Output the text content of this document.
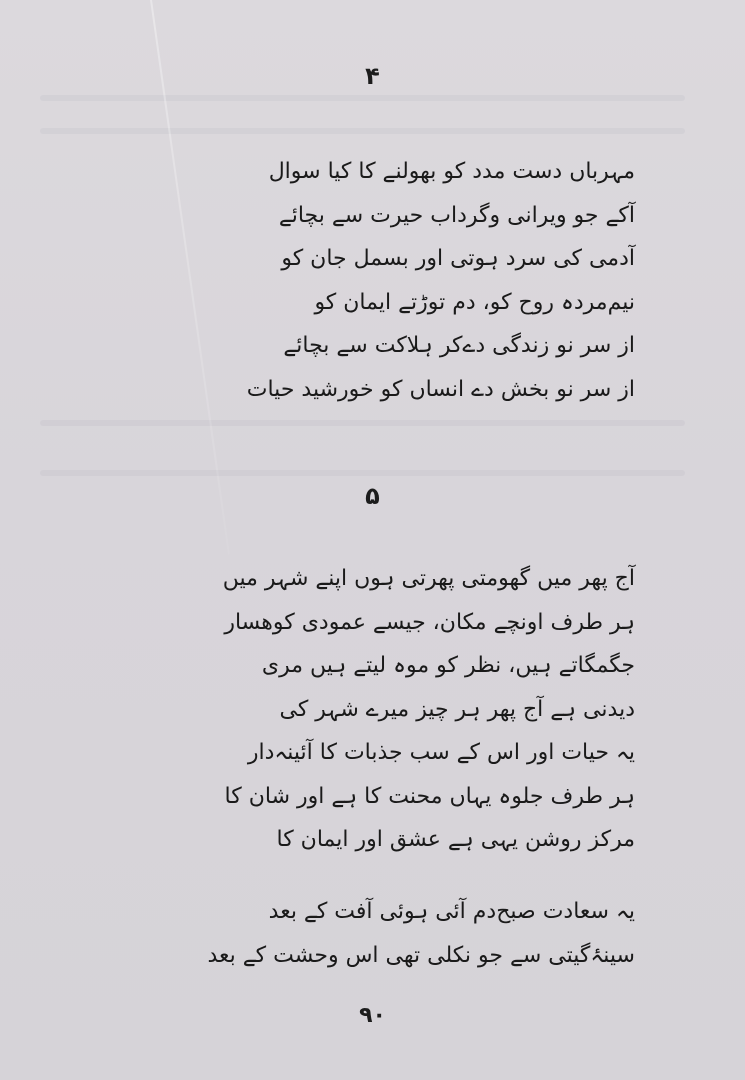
۴
مہرباں دست مدد کو بھولنے کا کیا سوال
آکے جو ویرانی وگرداب حیرت سے بچائے
آدمی کی سرد ہوتی اور بسمل جان کو
نیم‌مردہ روح کو، دم توڑتے ایمان کو
از سر نو زندگی دےکر ہلاکت سے بچائے
از سر نو بخش دے انساں کو خورشید حیات
۵
آج پھر میں گھومتی پھرتی ہوں اپنے شہر میں
ہر طرف اونچے مکان، جیسے عمودی کوھسار
جگمگاتے ہیں، نظر کو موہ لیتے ہیں مری
دیدنی ہے آج پھر ہر چیز میرے شہر کی
یہ حیات اور اس کے سب جذبات کا آئینہ‌دار
ہر طرف جلوہ یہاں محنت کا ہے اور شان کا
مرکز روشن یہی ہے عشق اور ایمان کا
یہ سعادت صبح‌دم آئی ہوئی آفت کے بعد
سینۂ‌گیتی سے جو نکلی تھی اس وحشت کے بعد
۹۰
